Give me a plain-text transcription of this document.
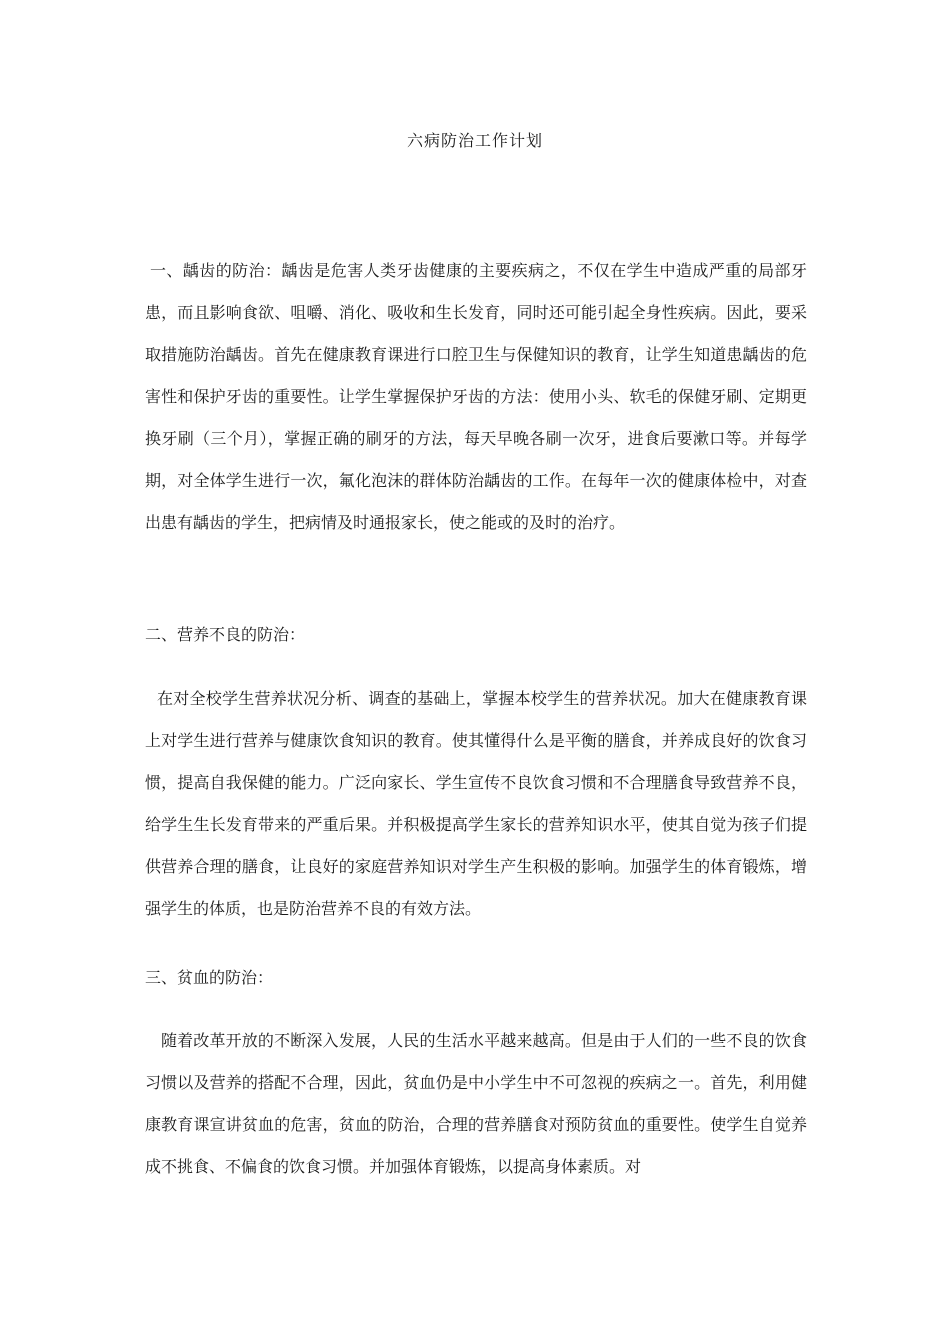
六病防治工作计划

一、龋齿的防治：龋齿是危害人类牙齿健康的主要疾病之，不仅在学生中造成严重的局部牙患，而且影响食欲、咀嚼、消化、吸收和生长发育，同时还可能引起全身性疾病。因此，要采取措施防治龋齿。首先在健康教育课进行口腔卫生与保健知识的教育，让学生知道患龋齿的危害性和保护牙齿的重要性。让学生掌握保护牙齿的方法：使用小头、软毛的保健牙刷、定期更换牙刷（三个月），掌握正确的刷牙的方法，每天早晚各刷一次牙，进食后要漱口等。并每学期，对全体学生进行一次，氟化泡沫的群体防治龋齿的工作。在每年一次的健康体检中，对查出患有龋齿的学生，把病情及时通报家长，使之能或的及时的治疗。

二、营养不良的防治：

在对全校学生营养状况分析、调查的基础上，掌握本校学生的营养状况。加大在健康教育课上对学生进行营养与健康饮食知识的教育。使其懂得什么是平衡的膳食，并养成良好的饮食习惯，提高自我保健的能力。广泛向家长、学生宣传不良饮食习惯和不合理膳食导致营养不良，给学生生长发育带来的严重后果。并积极提高学生家长的营养知识水平，使其自觉为孩子们提供营养合理的膳食，让良好的家庭营养知识对学生产生积极的影响。加强学生的体育锻炼，增强学生的体质，也是防治营养不良的有效方法。

三、贫血的防治：

随着改革开放的不断深入发展，人民的生活水平越来越高。但是由于人们的一些不良的饮食习惯以及营养的搭配不合理，因此，贫血仍是中小学生中不可忽视的疾病之一。首先，利用健康教育课宣讲贫血的危害，贫血的防治，合理的营养膳食对预防贫血的重要性。使学生自觉养成不挑食、不偏食的饮食习惯。并加强体育锻炼，以提高身体素质。对
